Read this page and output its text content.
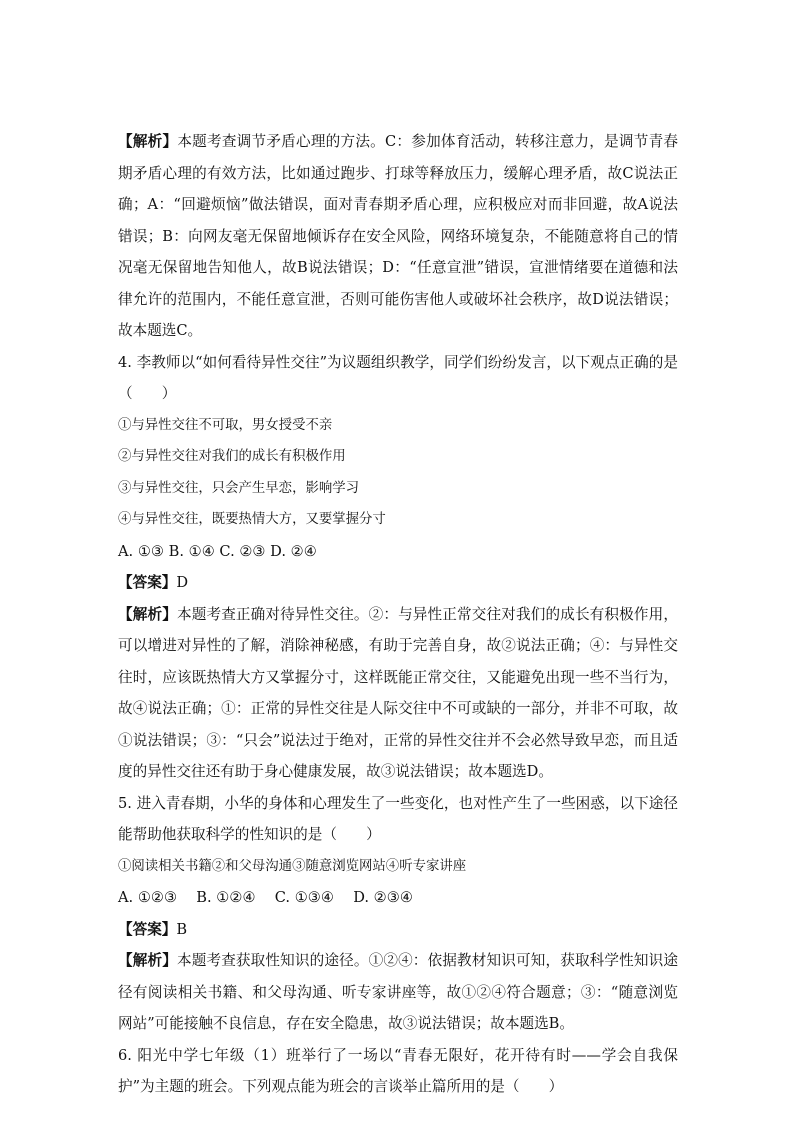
【解析】本题考查调节矛盾心理的方法。C：参加体育活动，转移注意力，是调节青春期矛盾心理的有效方法，比如通过跑步、打球等释放压力，缓解心理矛盾，故C说法正确；A：“回避烦恼”做法错误，面对青春期矛盾心理，应积极应对而非回避，故A说法错误；B：向网友毫无保留地倾诉存在安全风险，网络环境复杂，不能随意将自己的情况毫无保留地告知他人，故B说法错误；D：“任意宣泄”错误，宣泄情绪要在道德和法律允许的范围内，不能任意宣泄，否则可能伤害他人或破坏社会秩序，故D说法错误；故本题选C。

4. 李教师以“如何看待异性交往”为议题组织教学，同学们纷纷发言，以下观点正确的是（　　）

①与异性交往不可取，男女授受不亲

②与异性交往对我们的成长有积极作用

③与异性交往，只会产生早恋，影响学习

④与异性交往，既要热情大方，又要掌握分寸

A. ①③ B. ①④ C. ②③ D. ②④

【答案】D

【解析】本题考查正确对待异性交往。②：与异性正常交往对我们的成长有积极作用，可以增进对异性的了解，消除神秘感，有助于完善自身，故②说法正确；④：与异性交往时，应该既热情大方又掌握分寸，这样既能正常交往，又能避免出现一些不当行为，故④说法正确；①：正常的异性交往是人际交往中不可或缺的一部分，并非不可取，故①说法错误；③：“只会”说法过于绝对，正常的异性交往并不会必然导致早恋，而且适度的异性交往还有助于身心健康发展，故③说法错误；故本题选D。

5. 进入青春期，小华的身体和心理发生了一些变化，也对性产生了一些困惑，以下途径能帮助他获取科学的性知识的是（　　）

①阅读相关书籍②和父母沟通③随意浏览网站④听专家讲座

A. ①②③　 B. ①②④　 C. ①③④　 D. ②③④

【答案】B

【解析】本题考查获取性知识的途径。①②④：依据教材知识可知，获取科学性知识途径有阅读相关书籍、和父母沟通、听专家讲座等，故①②④符合题意；③：“随意浏览网站”可能接触不良信息，存在安全隐患，故③说法错误；故本题选B。

6. 阳光中学七年级（1）班举行了一场以“青春无限好，花开待有时——学会自我保护”为主题的班会。下列观点能为班会的言谈举止篇所用的是（　　）
